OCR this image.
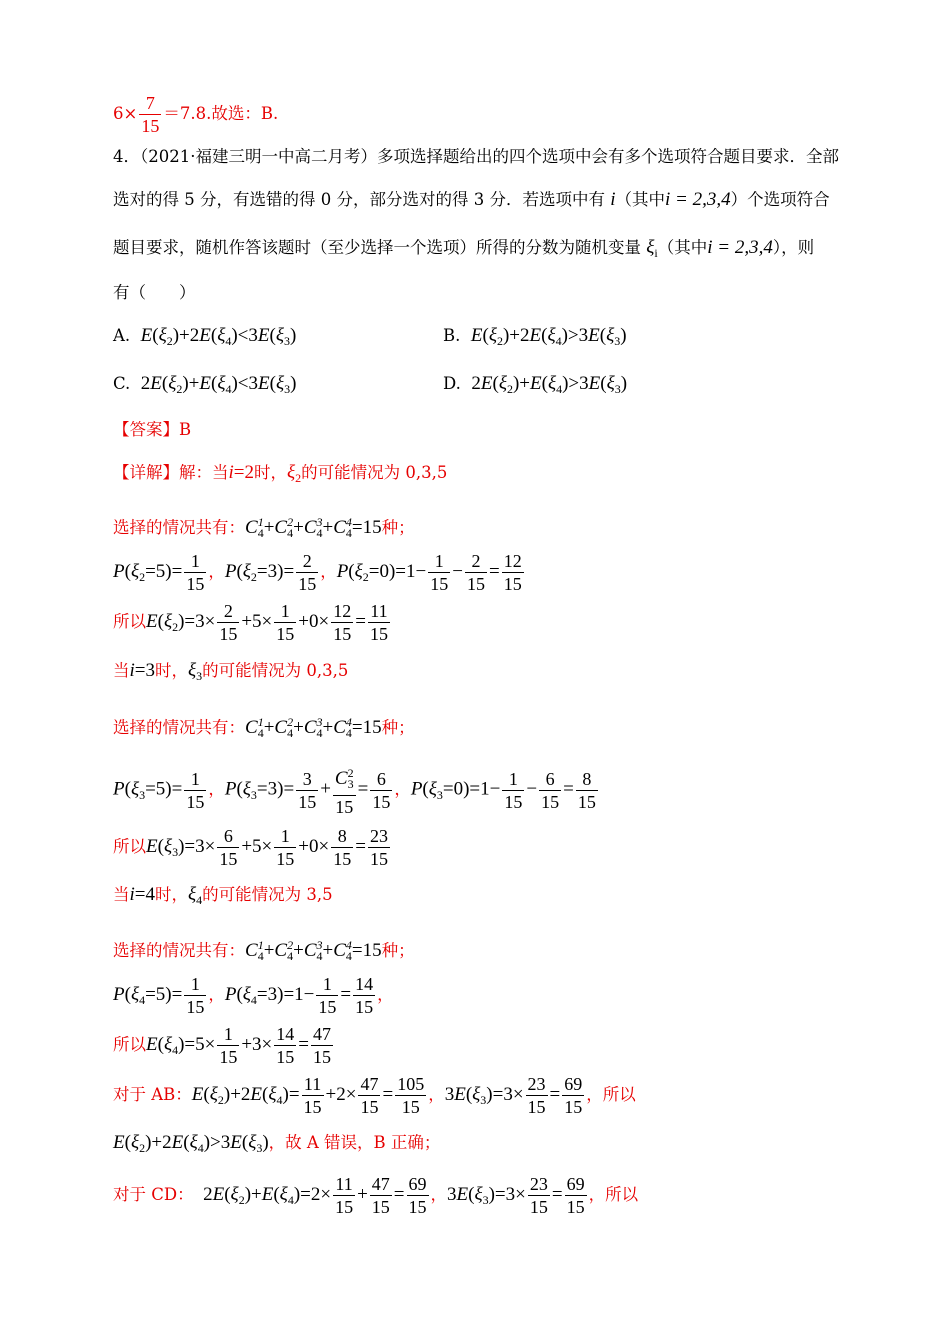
$6\times \frac{7}{15} =7.8$.故选：B.
4．（2021·福建三明一中高二月考）多项选择题给出的四个选项中会有多个选项符合题目要求．全部
选对的得 5 分，有选错的得 0 分，部分选对的得 3 分．若选项中有 i（其中i = 2,3,4）个选项符合
题目要求，随机作答该题时（至少选择一个选项）所得的分数为随机变量 $\xi_i$（其中i = 2,3,4），则
有（　　）
A.  $E(\xi_2)+2E(\xi_4)<3E(\xi_3)$	B.  $E(\xi_2)+2E(\xi_4)>3E(\xi_3)$
C.  $2E(\xi_2)+E(\xi_4)<3E(\xi_3)$	D.  $2E(\xi_2)+E(\xi_4)>3E(\xi_3)$
【答案】B
【详解】解：当i=2时，$\xi_2$的可能情况为 0,3,5
选择的情况共有：$C^1_4+C^2_4+C^3_4+C^4_4=15$种；
$P(\xi_2=5)= \frac{1}{15}$ ，$P(\xi_2=3)= \frac{2}{15}$ ，$P(\xi_2=0)=1- \frac{1}{15} - \frac{2}{15} = \frac{12}{15}$
所以$E(\xi_2)=3\times \frac{2}{15} +5\times \frac{1}{15} +0\times \frac{12}{15} = \frac{11}{15}$
当i=3时，$\xi_3$的可能情况为 0,3,5
选择的情况共有：$C^1_4+C^2_4+C^3_4+C^4_4=15$种；
$P(\xi_3=5)= \frac{1}{15}$ ，$P(\xi_3=3)= \frac{3}{15} + \frac{C^2_3}{15} = \frac{6}{15}$ ，$P(\xi_3=0)=1- \frac{1}{15} - \frac{6}{15} = \frac{8}{15}$
所以$E(\xi_3)=3\times \frac{6}{15} +5\times \frac{1}{15} +0\times \frac{8}{15} = \frac{23}{15}$
当i=4时，$\xi_4$的可能情况为 3,5
选择的情况共有：$C^1_4+C^2_4+C^3_4+C^4_4=15$种；
$P(\xi_4=5)= \frac{1}{15}$ ，$P(\xi_4=3)=1- \frac{1}{15} = \frac{14}{15}$ ，
所以$E(\xi_4)=5\times \frac{1}{15} +3\times \frac{14}{15} = \frac{47}{15}$
对于 AB：$E(\xi_2)+2E(\xi_4)= \frac{11}{15} +2\times \frac{47}{15} = \frac{105}{15}$ ，$3E(\xi_3)=3\times \frac{23}{15} = \frac{69}{15}$ ，所以
$E(\xi_2)+2E(\xi_4)>3E(\xi_3)$，故 A 错误，B 正确；
对于 CD：  $2E(\xi_2)+E(\xi_4)=2\times \frac{11}{15} + \frac{47}{15} = \frac{69}{15}$ ，$3E(\xi_3)=3\times \frac{23}{15} = \frac{69}{15}$ ，所以
